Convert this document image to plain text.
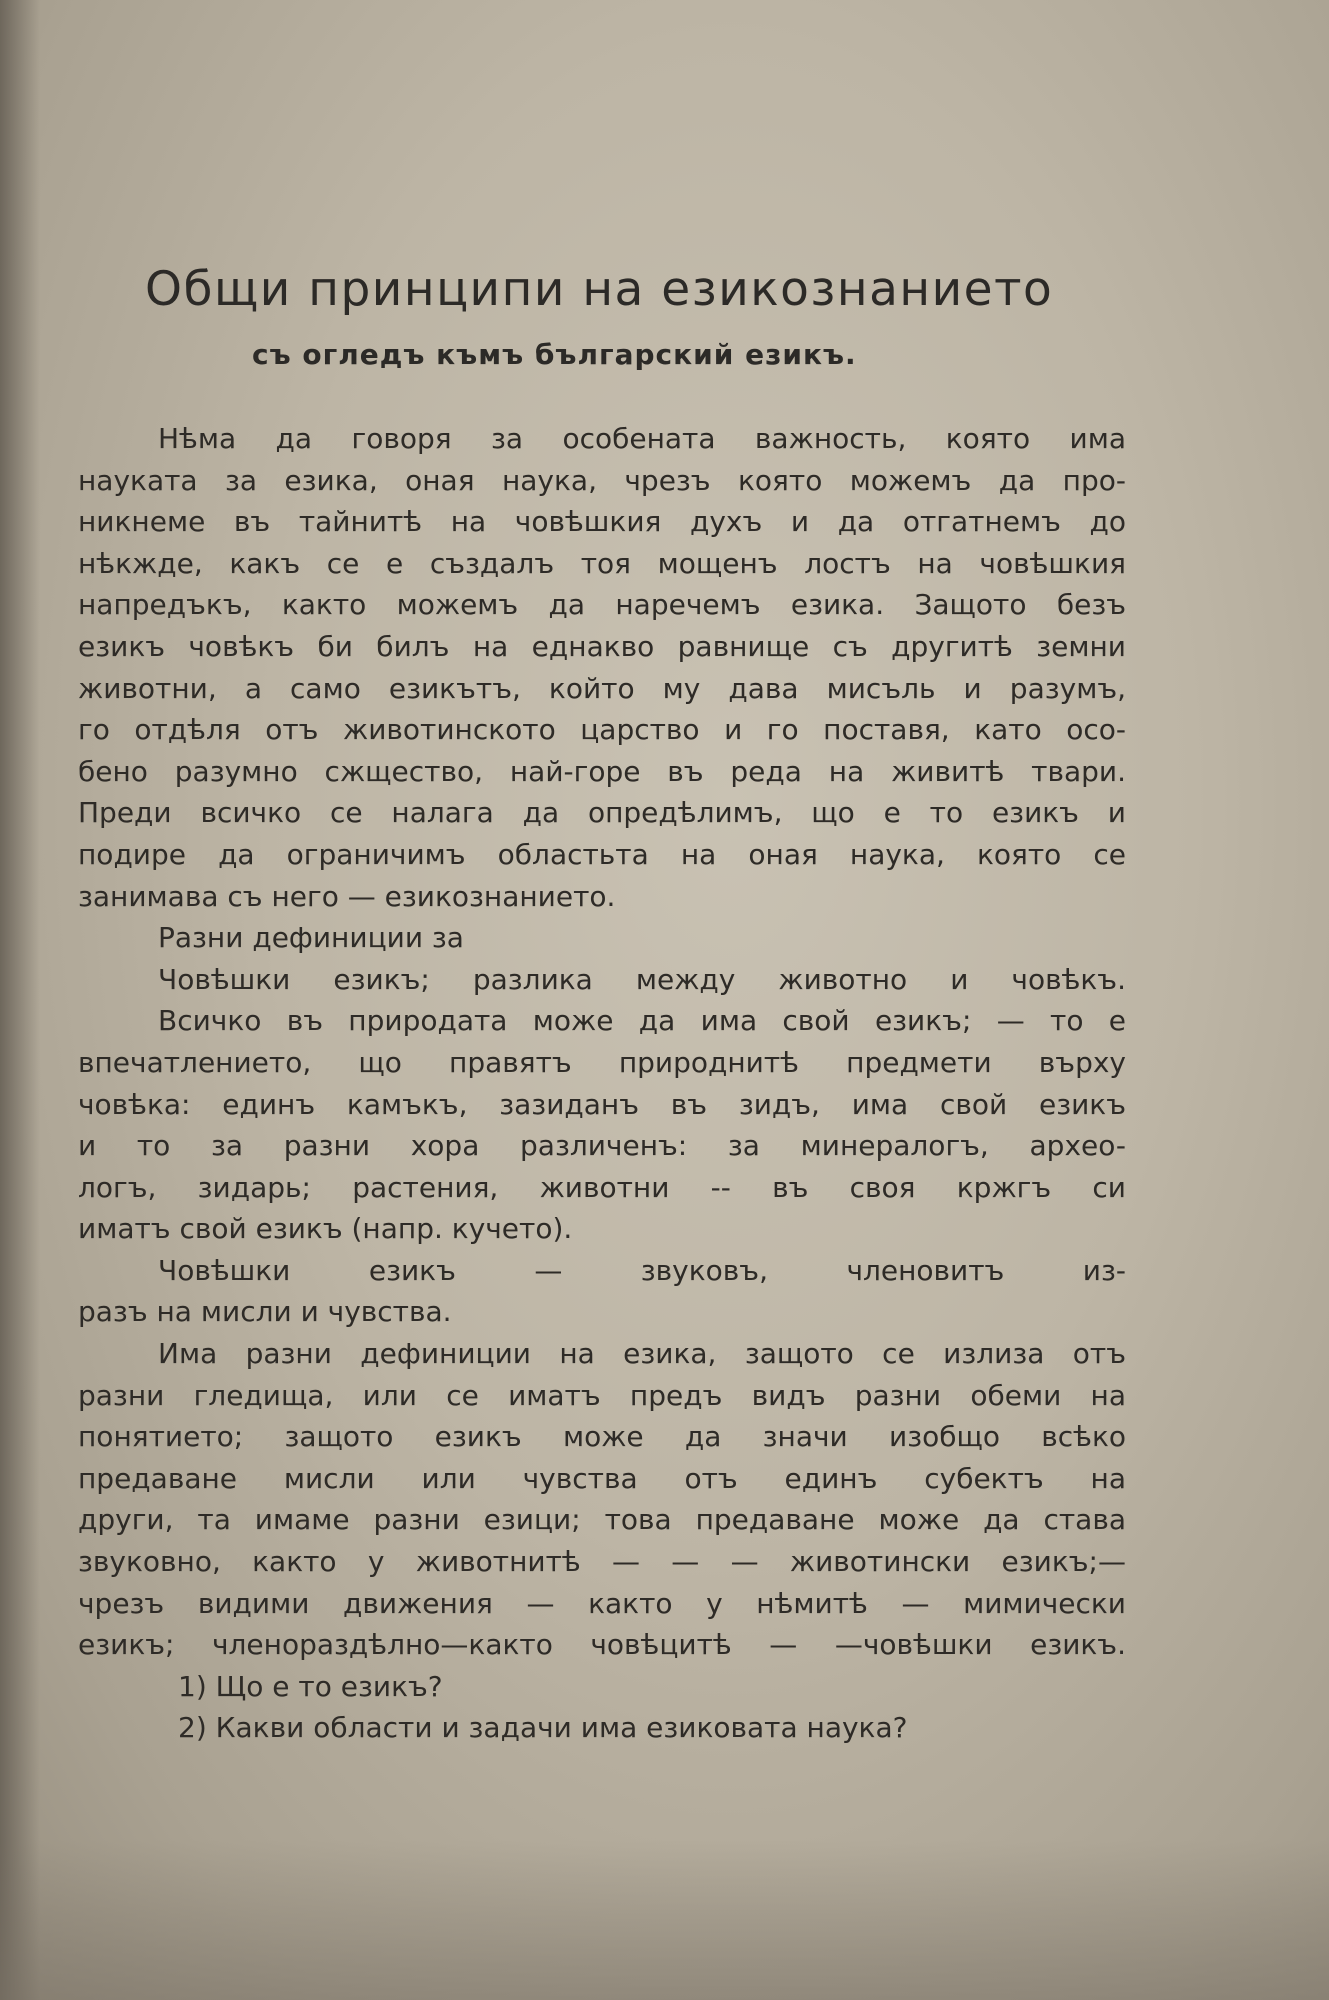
Общи принципи на езикознанието
съ огледъ къмъ българский езикъ.
Нѣма да говоря за особената важность, която има
науката за езика, оная наука, чрезъ която можемъ да про-
никнеме въ тайнитѣ на човѣшкия духъ и да отгатнемъ до
нѣкжде, какъ се е създалъ тоя мощенъ лостъ на човѣшкия
напредъкъ, както можемъ да наречемъ езика. Защото безъ
езикъ човѣкъ би билъ на еднакво равнище съ другитѣ земни
животни, а само езикътъ, който му дава мисъль и разумъ,
го отдѣля отъ животинското царство и го поставя, като осо-
бено разумно сжщество, най-горе въ реда на живитѣ твари.
Преди всичко се налага да опредѣлимъ, що е то езикъ и
подире да ограничимъ областьта на оная наука, която се
занимава съ него — езикознанието.
Разни дефиниции за
Човѣшки езикъ; разлика между животно и човѣкъ.
Всичко въ природата може да има свой езикъ; — то е
впечатлението, що правятъ природнитѣ предмети върху
човѣка: единъ камъкъ, зазиданъ въ зидъ, има свой езикъ
и то за разни хора различенъ: за минералогъ, археo-
логъ, зидарь; растения, животни -- въ своя кржгъ си
иматъ свой езикъ (напр. кучето).
Човѣшки езикъ — звуковъ, членовитъ из-
разъ на мисли и чувства.
Има разни дефиниции на езика, защото се излиза отъ
разни гледища, или се иматъ предъ видъ разни обеми на
понятието; защото езикъ може да значи изобщо всѣко
предаване мисли или чувства отъ единъ субектъ на
други, та имаме разни езици; това предаване може да става
звуковно, както у животнитѣ — — — животински езикъ;—
чрезъ видими движения — както у нѣмитѣ — мимически
езикъ; членораздѣлно—както човѣцитѣ — —човѣшки езикъ.
1) Що е то езикъ?
2) Какви области и задачи има езиковата наука?
